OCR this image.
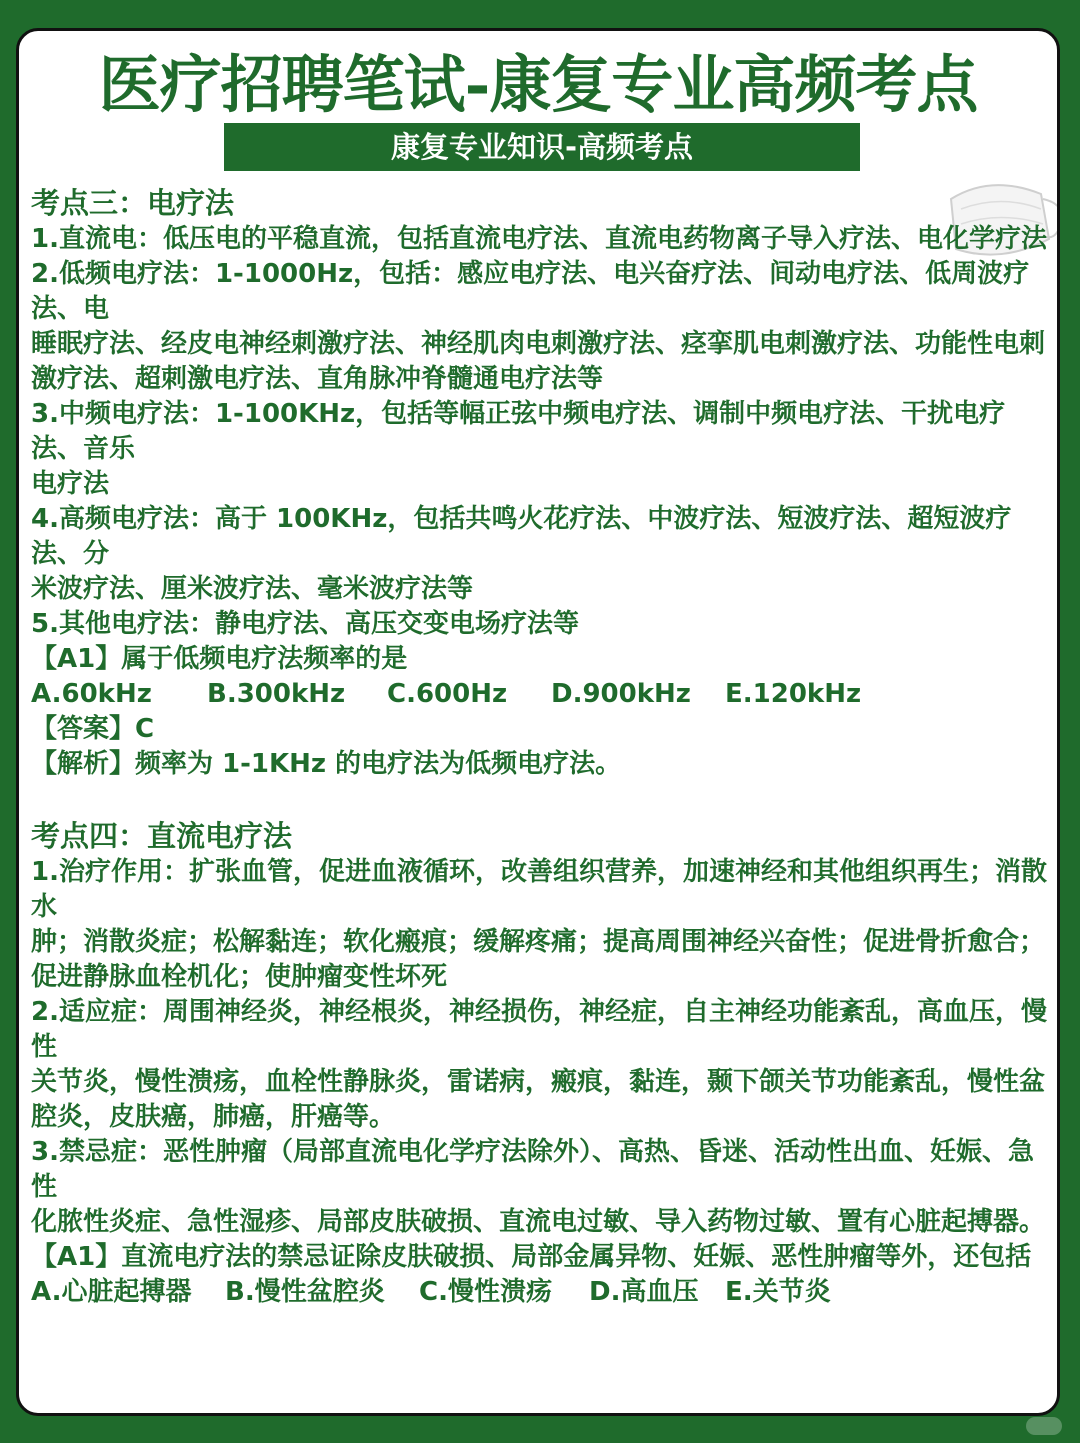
医疗招聘笔试-康复专业高频考点
康复专业知识-高频考点

考点三：电疗法

1.直流电：低压电的平稳直流，包括直流电疗法、直流电药物离子导入疗法、电化学疗法2.低频电疗法：1-1000Hz，包括：感应电疗法、电兴奋疗法、间动电疗法、低周波疗法、电

睡眠疗法、经皮电神经刺激疗法、神经肌肉电刺激疗法、痉挛肌电刺激疗法、功能性电刺激疗法、超刺激电疗法、直角脉冲脊髓通电疗法等

3.中频电疗法：1-100KHz，包括等幅正弦中频电疗法、调制中频电疗法、干扰电疗法、音乐

电疗法

4.高频电疗法：高于 100KHz，包括共鸣火花疗法、中波疗法、短波疗法、超短波疗法、分

米波疗法、厘米波疗法、毫米波疗法等

5.其他电疗法：静电疗法、高压交变电场疗法等

【A1】属于低频电疗法频率的是

A.60kHz	B.300kHz	C.600Hz	D.900kHz	E.120kHz

【答案】C

【解析】频率为 1-1KHz 的电疗法为低频电疗法。

考点四：直流电疗法

1.治疗作用：扩张血管，促进血液循环，改善组织营养，加速神经和其他组织再生；消散水

肿；消散炎症；松解黏连；软化瘢痕；缓解疼痛；提高周围神经兴奋性；促进骨折愈合；促进静脉血栓机化；使肿瘤变性坏死

2.适应症：周围神经炎，神经根炎，神经损伤，神经症，自主神经功能紊乱，高血压，慢性

关节炎，慢性溃疡，血栓性静脉炎，雷诺病，瘢痕，黏连，颞下颌关节功能紊乱，慢性盆腔炎，皮肤癌，肺癌，肝癌等。

3.禁忌症：恶性肿瘤（局部直流电化学疗法除外）、高热、昏迷、活动性出血、妊娠、急性

化脓性炎症、急性湿疹、局部皮肤破损、直流电过敏、导入药物过敏、置有心脏起搏器。

【A1】直流电疗法的禁忌证除皮肤破损、局部金属异物、妊娠、恶性肿瘤等外，还包括

A.心脏起搏器	B.慢性盆腔炎	C.慢性溃疡	D.高血压	E.关节炎
